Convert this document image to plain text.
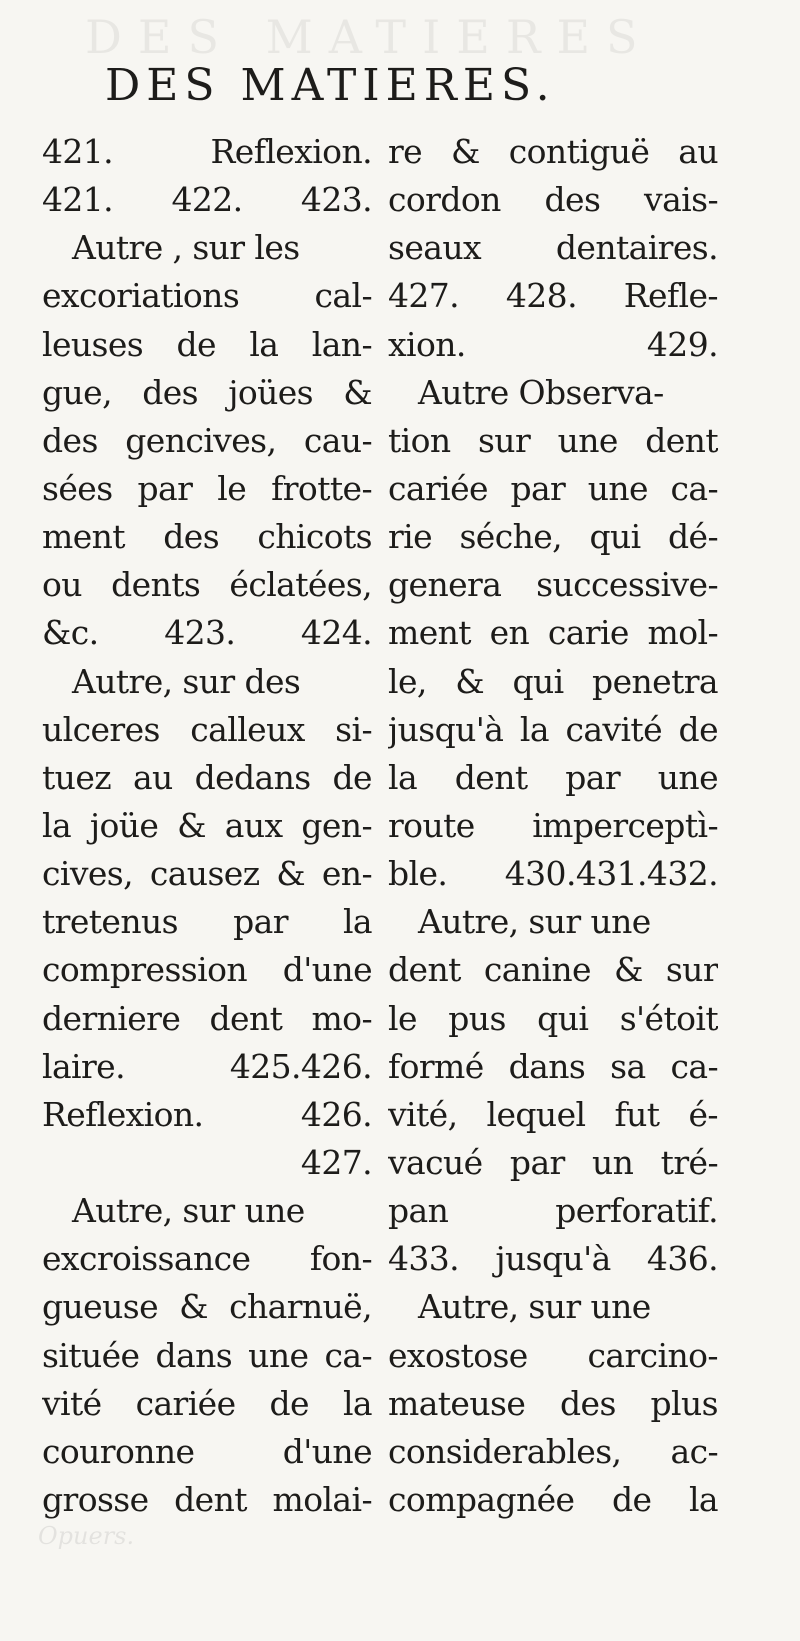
DES MATIERES
Opuers.
DES MATIERES.
421. Reflexion.
421. 422. 423.
Autre , sur les
excoriations cal-
leuses de la lan-
gue, des joües &
des gencives, cau-
sées par le frotte-
ment des chicots
ou dents éclatées,
&c. 423. 424.
Autre, sur des
ulceres calleux si-
tuez au dedans de
la joüe & aux gen-
cives, causez & en-
tretenus par la
compression d'une
derniere dent mo-
laire. 425.426.
Reflexion. 426.
427.
Autre, sur une
excroissance fon-
gueuse & charnuë,
située dans une ca-
vité cariée de la
couronne d'une
grosse dent molai-
re & contiguë au
cordon des vais-
seaux dentaires.
427. 428. Refle-
xion. 429.
Autre Observa-
tion sur une dent
cariée par une ca-
rie séche, qui dé-
genera successive-
ment en carie mol-
le, & qui penetra
jusqu'à la cavité de
la dent par une
route imperceptì-
ble. 430.431.432.
Autre, sur une
dent canine & sur
le pus qui s'étoit
formé dans sa ca-
vité, lequel fut é-
vacué par un tré-
pan perforatif.
433. jusqu'à 436.
Autre, sur une
exostose carcino-
mateuse des plus
considerables, ac-
compagnée de la
